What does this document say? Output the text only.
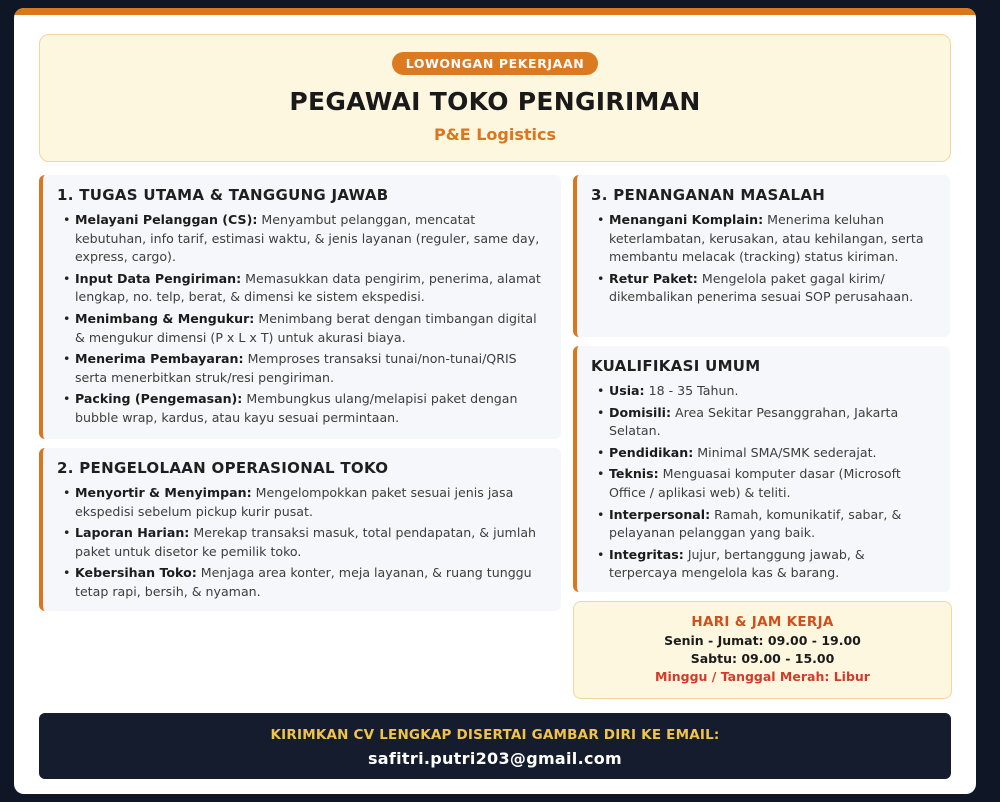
LOWONGAN PEKERJAAN
PEGAWAI TOKO PENGIRIMAN
P&E Logistics
1. TUGAS UTAMA & TANGGUNG JAWAB
• Melayani Pelanggan (CS): Menyambut pelanggan, mencatat kebutuhan, info tarif, estimasi waktu, & jenis layanan (reguler, same day, express, cargo).
• Input Data Pengiriman: Memasukkan data pengirim, penerima, alamat lengkap, no. telp, berat, & dimensi ke sistem ekspedisi.
• Menimbang & Mengukur: Menimbang berat dengan timbangan digital & mengukur dimensi (P x L x T) untuk akurasi biaya.
• Menerima Pembayaran: Memproses transaksi tunai/non-tunai/QRIS serta menerbitkan struk/resi pengiriman.
• Packing (Pengemasan): Membungkus ulang/melapisi paket dengan bubble wrap, kardus, atau kayu sesuai permintaan.
2. PENGELOLAAN OPERASIONAL TOKO
• Menyortir & Menyimpan: Mengelompokkan paket sesuai jenis jasa ekspedisi sebelum pickup kurir pusat.
• Laporan Harian: Merekap transaksi masuk, total pendapatan, & jumlah paket untuk disetor ke pemilik toko.
• Kebersihan Toko: Menjaga area konter, meja layanan, & ruang tunggu tetap rapi, bersih, & nyaman.
3. PENANGANAN MASALAH
• Menangani Komplain: Menerima keluhan keterlambatan, kerusakan, atau kehilangan, serta membantu melacak (tracking) status kiriman.
• Retur Paket: Mengelola paket gagal kirim/ dikembalikan penerima sesuai SOP perusahaan.
KUALIFIKASI UMUM
• Usia: 18 - 35 Tahun.
• Domisili: Area Sekitar Pesanggrahan, Jakarta Selatan.
• Pendidikan: Minimal SMA/SMK sederajat.
• Teknis: Menguasai komputer dasar (Microsoft Office / aplikasi web) & teliti.
• Interpersonal: Ramah, komunikatif, sabar, & pelayanan pelanggan yang baik.
• Integritas: Jujur, bertanggung jawab, & terpercaya mengelola kas & barang.
HARI & JAM KERJA
Senin - Jumat: 09.00 - 19.00
Sabtu: 09.00 - 15.00
Minggu / Tanggal Merah: Libur
KIRIMKAN CV LENGKAP DISERTAI GAMBAR DIRI KE EMAIL:
safitri.putri203@gmail.com
